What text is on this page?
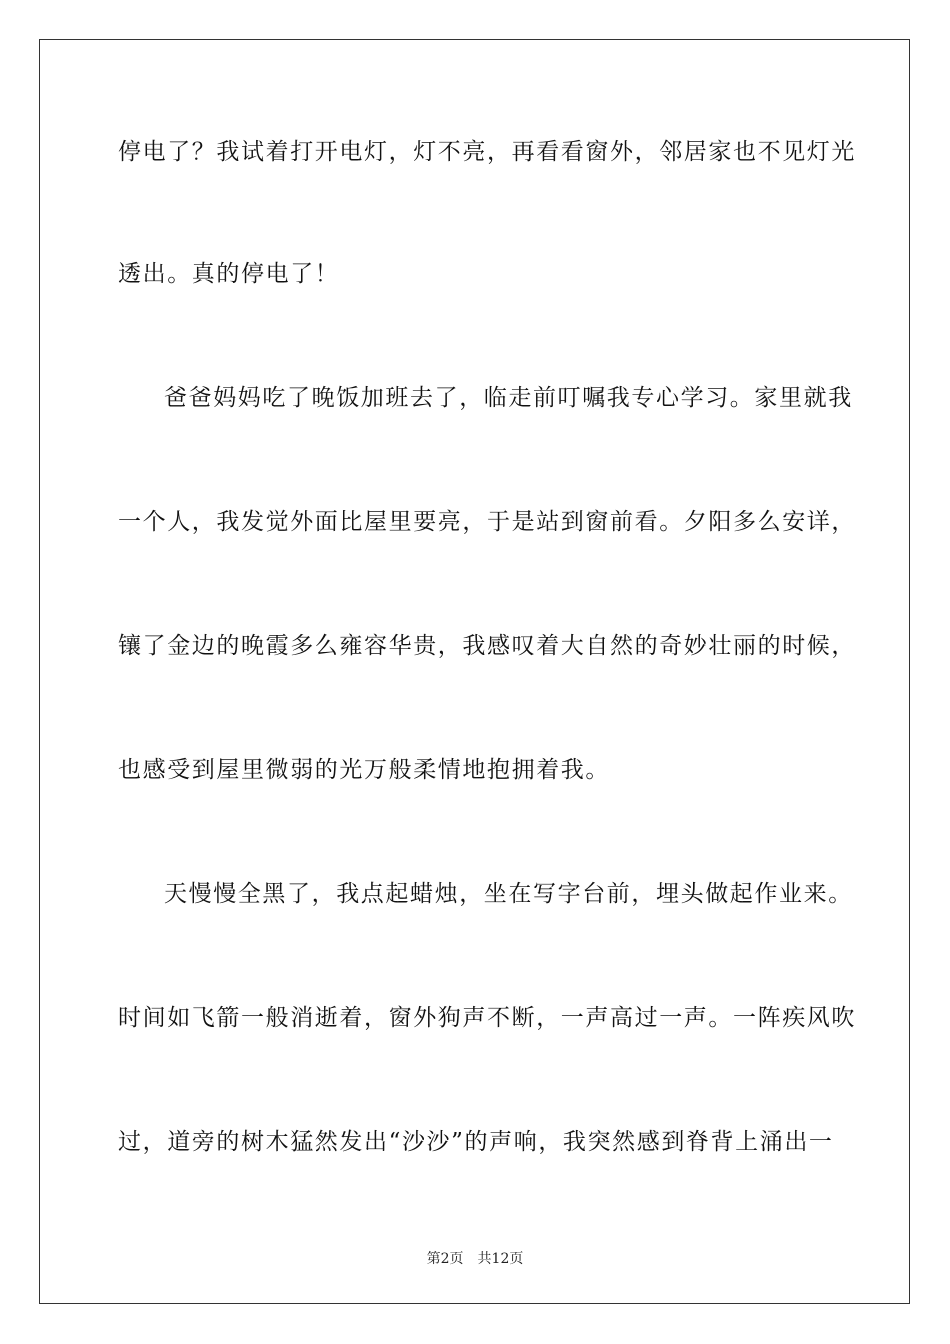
停电了？我试着打开电灯，灯不亮，再看看窗外，邻居家也不见灯光

透出。真的停电了！

爸爸妈妈吃了晚饭加班去了，临走前叮嘱我专心学习。家里就我

一个人，我发觉外面比屋里要亮，于是站到窗前看。夕阳多么安详，

镶了金边的晚霞多么雍容华贵，我感叹着大自然的奇妙壮丽的时候，

也感受到屋里微弱的光万般柔情地抱拥着我。

天慢慢全黑了，我点起蜡烛，坐在写字台前，埋头做起作业来。

时间如飞箭一般消逝着，窗外狗声不断，一声高过一声。一阵疾风吹

过，道旁的树木猛然发出“沙沙”的声响，我突然感到脊背上涌出一

第2页 共12页
